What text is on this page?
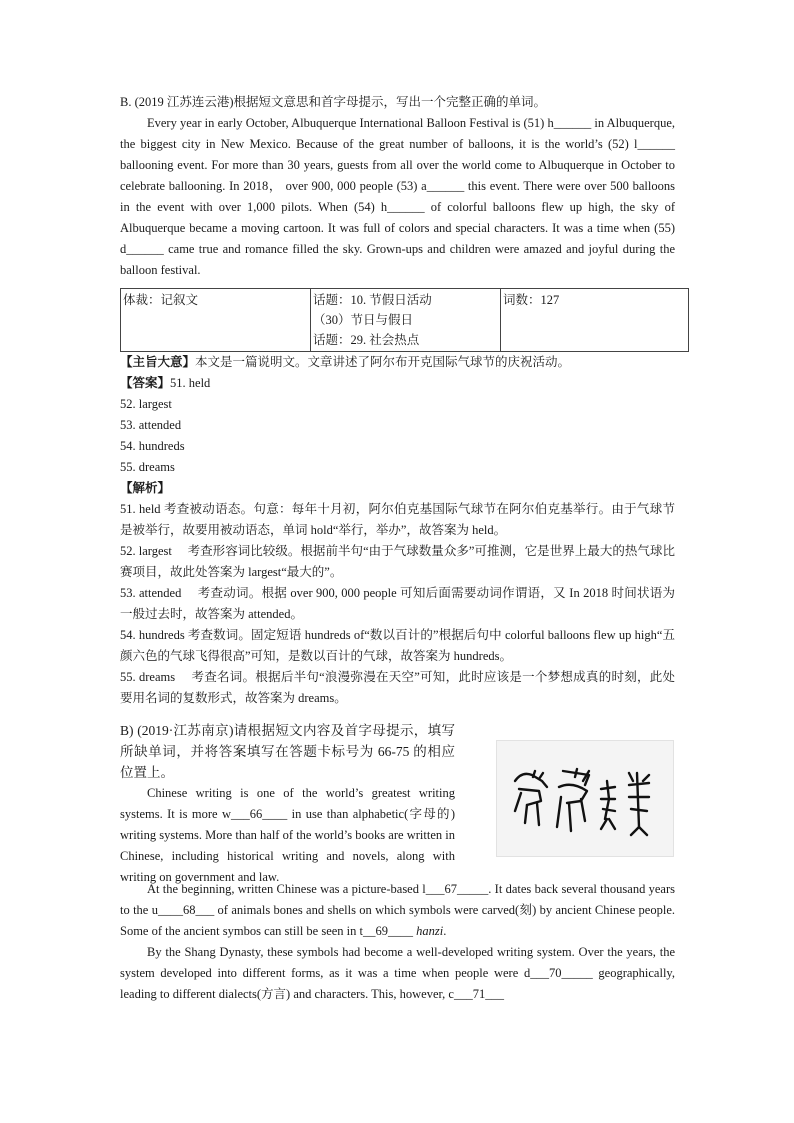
B. (2019 江苏连云港)根据短文意思和首字母提示，写出一个完整正确的单词。

Every year in early October, Albuquerque International Balloon Festival is (51) h______ in Albuquerque, the biggest city in New Mexico. Because of the great number of balloons, it is the world’s (52) l______ ballooning event. For more than 30 years, guests from all over the world come to Albuquerque in October to celebrate ballooning. In 2018， over 900, 000 people (53) a______ this event. There were over 500 balloons in the event with over 1,000 pilots. When (54) h______ of colorful balloons flew up high, the sky of Albuquerque became a moving cartoon. It was full of colors and special characters. It was a time when (55) d______ came true and romance filled the sky. Grown-ups and children were amazed and joyful during the balloon festival.

体裁：记叙文	话题：10. 节假日活动
（30）节日与假日
话题：29. 社会热点
	词数：127

【主旨大意】本文是一篇说明文。文章讲述了阿尔布开克国际气球节的庆祝活动。

【答案】51. held

52. largest

53. attended

54. hundreds

55. dreams

【解析】

51. held 考查被动语态。句意：每年十月初，阿尔伯克基国际气球节在阿尔伯克基举行。由于气球节是被举行，故要用被动语态，单词 hold“举行，举办”，故答案为 held。

52. largest　 考查形容词比较级。根据前半句“由于气球数量众多”可推测，它是世界上最大的热气球比赛项目，故此处答案为 largest“最大的”。

53. attended　 考查动词。根据 over 900, 000 people 可知后面需要动词作谓语，又 In 2018 时间状语为一般过去时，故答案为 attended。

54. hundreds 考查数词。固定短语 hundreds of“数以百计的”根据后句中 colorful balloons flew up high“五颜六色的气球飞得很高”可知，是数以百计的气球，故答案为 hundreds。

55. dreams　 考查名词。根据后半句“浪漫弥漫在天空”可知，此时应该是一个梦想成真的时刻，此处要用名词的复数形式，故答案为 dreams。

B) (2019·江苏南京)请根据短文内容及首字母提示，填写所缺单词，并将答案填写在答题卡标号为 66-75 的相应位置上。

Chinese writing is one of the world’s greatest writing systems. It is more w___66____ in use than alphabetic(字母的) writing systems. More than half of the world’s books are written in Chinese, including historical writing and novels, along with writing on government and law.

At the beginning, written Chinese was a picture-based l___67_____. It dates back several thousand years to the u____68___ of animals bones and shells on which symbols were carved(刻) by ancient Chinese people. Some of the ancient symbos can still be seen in t__69____ hanzi.

By the Shang Dynasty, these symbols had become a well-developed writing system. Over the years, the system developed into different forms, as it was a time when people were d___70_____ geographically, leading to different dialects(方言) and characters. This, however, c___71___
